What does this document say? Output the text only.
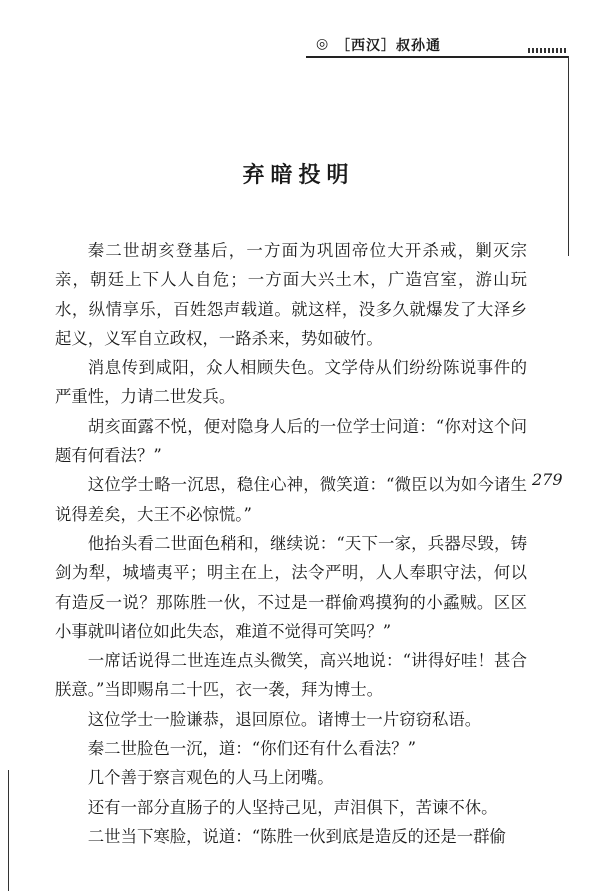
◎ ［西汉］叔孙通
弃暗投明
279

秦二世胡亥登基后，一方面为巩固帝位大开杀戒，剿灭宗亲，朝廷上下人人自危；一方面大兴土木，广造宫室，游山玩水，纵情享乐，百姓怨声载道。就这样，没多久就爆发了大泽乡起义，义军自立政权，一路杀来，势如破竹。

消息传到咸阳，众人相顾失色。文学侍从们纷纷陈说事件的严重性，力请二世发兵。

胡亥面露不悦，便对隐身人后的一位学士问道：“你对这个问题有何看法？”

这位学士略一沉思，稳住心神，微笑道：“微臣以为如今诸生说得差矣，大王不必惊慌。”

他抬头看二世面色稍和，继续说：“天下一家，兵器尽毁，铸剑为犁，城墙夷平；明主在上，法令严明，人人奉职守法，何以有造反一说？那陈胜一伙，不过是一群偷鸡摸狗的小蟊贼。区区小事就叫诸位如此失态，难道不觉得可笑吗？”

一席话说得二世连连点头微笑，高兴地说：“讲得好哇！甚合朕意。”当即赐帛二十匹，衣一袭，拜为博士。

这位学士一脸谦恭，退回原位。诸博士一片窃窃私语。

秦二世脸色一沉，道：“你们还有什么看法？”

几个善于察言观色的人马上闭嘴。

还有一部分直肠子的人坚持己见，声泪俱下，苦谏不休。

二世当下寒脸，说道：“陈胜一伙到底是造反的还是一群偷
